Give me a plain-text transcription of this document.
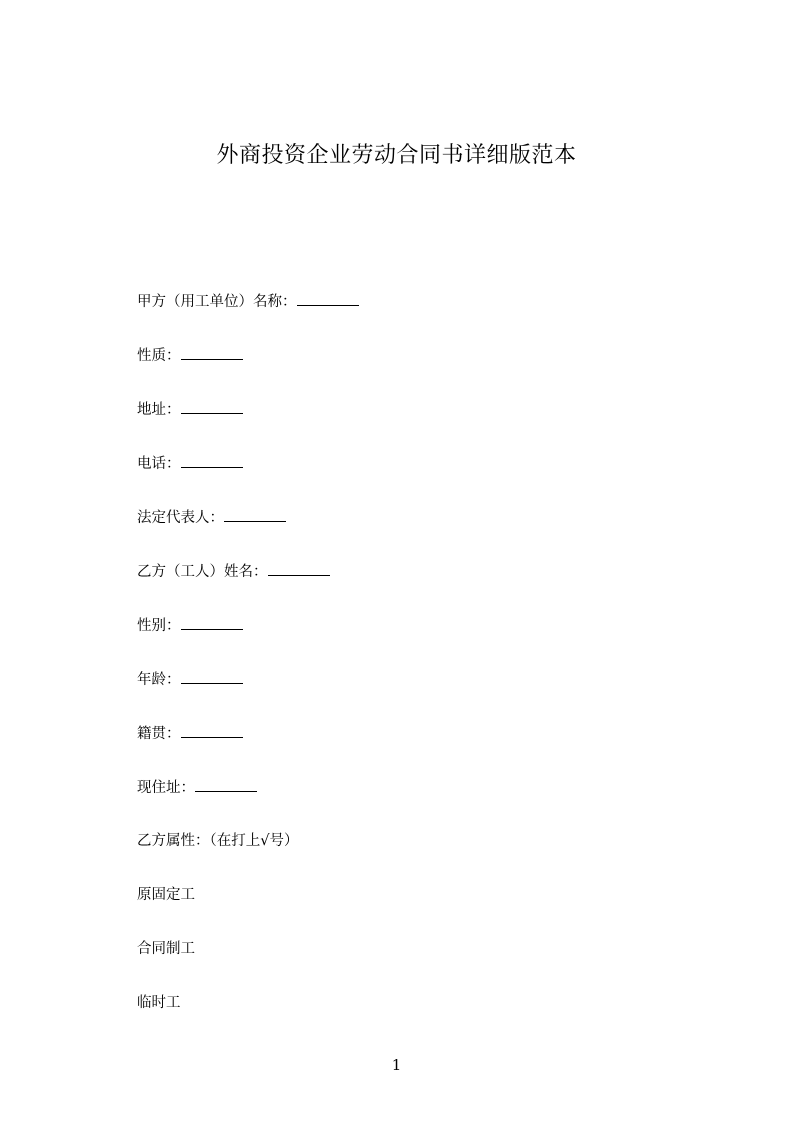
外商投资企业劳动合同书详细版范本
甲方（用工单位）名称：
性质：
地址：
电话：
法定代表人：
乙方（工人）姓名：
性别：
年龄：
籍贯：
现住址：
乙方属性：（在打上√号）
原固定工
合同制工
临时工
1
